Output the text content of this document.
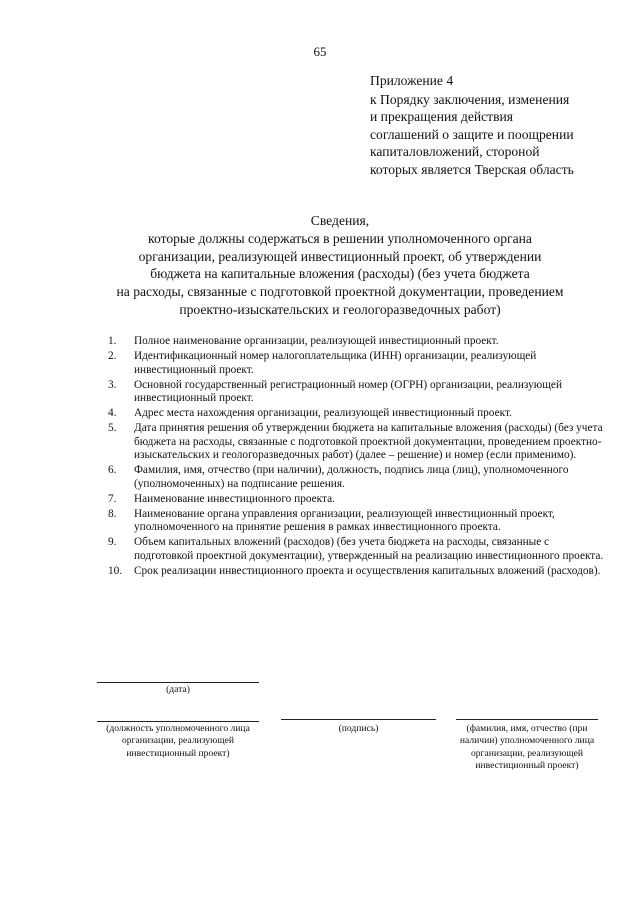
65
Приложение 4
к Порядку заключения, изменения
и прекращения действия
соглашений о защите и поощрении
капиталовложений, стороной
которых является Тверская область
Сведения,
которые должны содержаться в решении уполномоченного органа
организации, реализующей инвестиционный проект, об утверждении
бюджета на капитальные вложения (расходы) (без учета бюджета
на расходы, связанные с подготовкой проектной документации, проведением
проектно-изыскательских и геологоразведочных работ)
1.	Полное наименование организации, реализующей инвестиционный проект.
2.	Идентификационный номер налогоплательщика (ИНН) организации, реализующей инвестиционный проект.
3.	Основной государственный регистрационный номер (ОГРН) организации, реализующей инвестиционный проект.
4.	Адрес места нахождения организации, реализующей инвестиционный проект.
5.	Дата принятия решения об утверждении бюджета на капитальные вложения (расходы) (без учета бюджета на расходы, связанные с подготовкой проектной документации, проведением проектно-изыскательских и геологоразведочных работ) (далее – решение) и номер (если применимо).
6.	Фамилия, имя, отчество (при наличии), должность, подпись лица (лиц), уполномоченного (уполномоченных) на подписание решения.
7.	Наименование инвестиционного проекта.
8.	Наименование органа управления организации, реализующей инвестиционный проект, уполномоченного на принятие решения в рамках инвестиционного проекта.
9.	Объем капитальных вложений (расходов) (без учета бюджета на расходы, связанные с подготовкой проектной документации), утвержденный на реализацию инвестиционного проекта.
10.	Срок реализации инвестиционного проекта и осуществления капитальных вложений (расходов).
(дата)
(должность уполномоченного лица организации, реализующей инвестиционный проект)
(подпись)	(фамилия, имя, отчество (при наличии) уполномоченного лица организации, реализующей инвестиционный проект)
